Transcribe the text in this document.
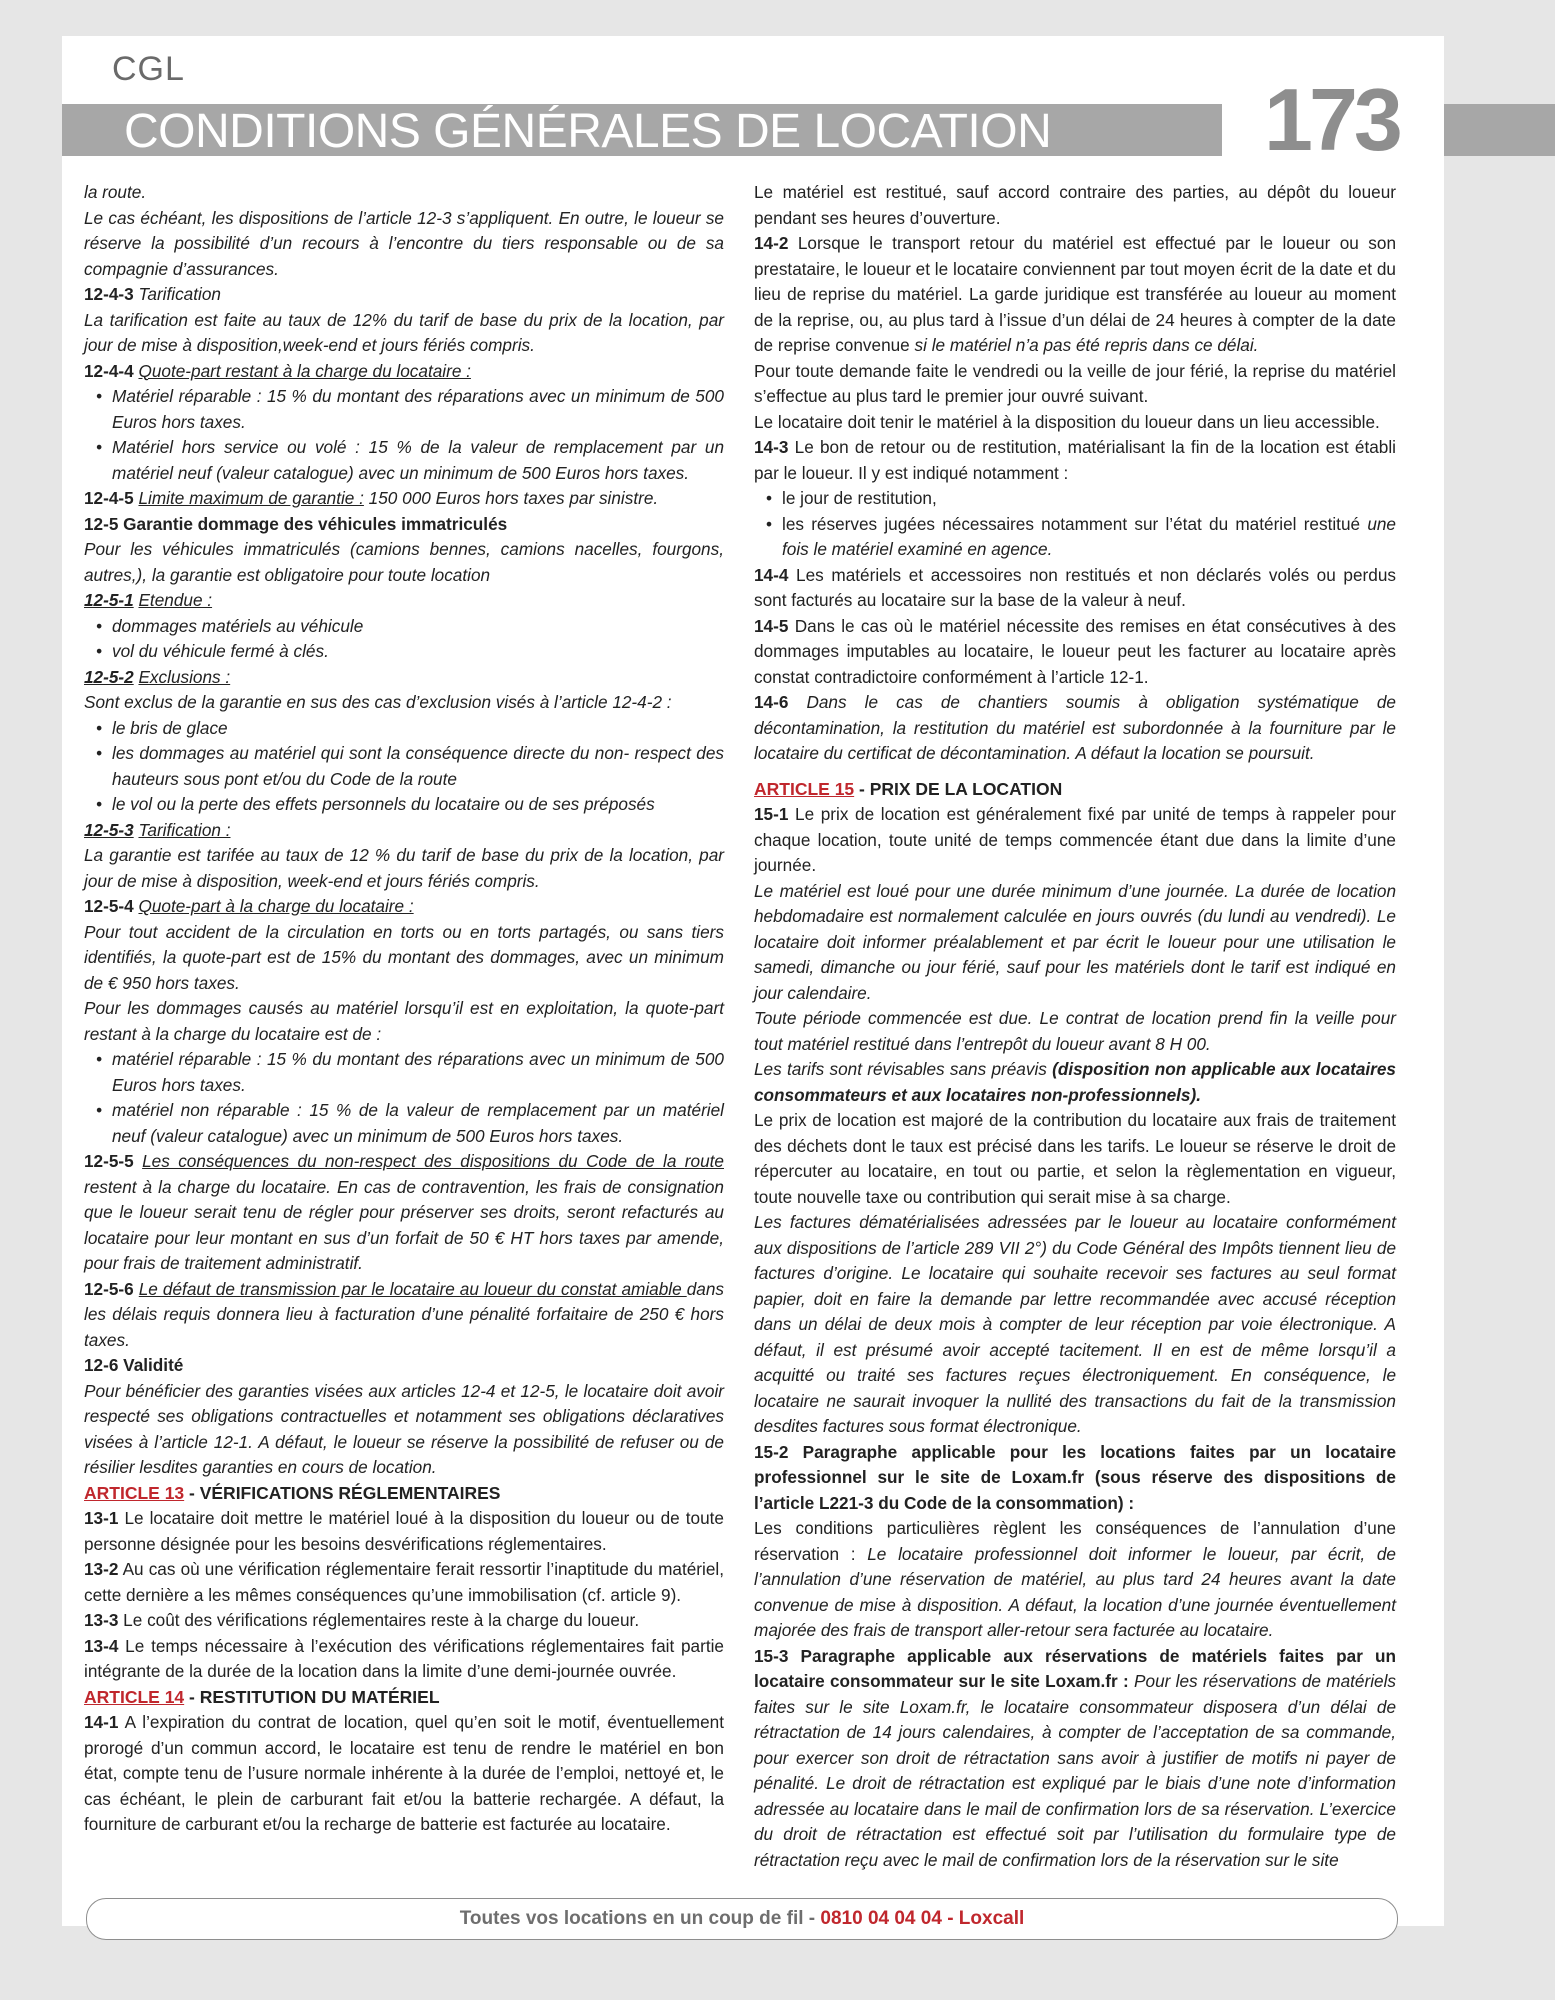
CGL
CONDITIONS GÉNÉRALES DE LOCATION 173

la route.

Le cas échéant, les dispositions de l’article 12-3 s’appliquent. En outre, le loueur se réserve la possibilité d’un recours à l’encontre du tiers responsable ou de sa compagnie d’assurances.

12-4-3 Tarification

La tarification est faite au taux de 12% du tarif de base du prix de la location, par jour de mise à disposition,week-end et jours fériés compris.

12-4-4 Quote-part restant à la charge du locataire :

• Matériel réparable : 15 % du montant des réparations avec un minimum de 500 Euros hors taxes.

• Matériel hors service ou volé : 15 % de la valeur de remplacement par un matériel neuf (valeur catalogue) avec un minimum de 500 Euros hors taxes.

12-4-5 Limite maximum de garantie : 150 000 Euros hors taxes par sinistre.

12-5 Garantie dommage des véhicules immatriculés

Pour les véhicules immatriculés (camions bennes, camions nacelles, fourgons, autres,), la garantie est obligatoire pour toute location

12-5-1 Etendue :

• dommages matériels au véhicule

• vol du véhicule fermé à clés.

12-5-2 Exclusions :

Sont exclus de la garantie en sus des cas d’exclusion visés à l’article 12-4-2 :

• le bris de glace

• les dommages au matériel qui sont la conséquence directe du non- respect des hauteurs sous pont et/ou du Code de la route

• le vol ou la perte des effets personnels du locataire ou de ses préposés

12-5-3 Tarification :

La garantie est tarifée au taux de 12 % du tarif de base du prix de la location, par jour de mise à disposition, week-end et jours fériés compris.

12-5-4 Quote-part à la charge du locataire :

Pour tout accident de la circulation en torts ou en torts partagés, ou sans tiers identifiés, la quote-part est de 15% du montant des dommages, avec un minimum de € 950 hors taxes.

Pour les dommages causés au matériel lorsqu’il est en exploitation, la quote-part restant à la charge du locataire est de :

• matériel réparable : 15 % du montant des réparations avec un minimum de 500 Euros hors taxes.

• matériel non réparable : 15 % de la valeur de remplacement par un matériel neuf (valeur catalogue) avec un minimum de 500 Euros hors taxes.

12-5-5 Les conséquences du non-respect des dispositions du Code de la route restent à la charge du locataire. En cas de contravention, les frais de consignation que le loueur serait tenu de régler pour préserver ses droits, seront refacturés au locataire pour leur montant en sus d’un forfait de 50 € HT hors taxes par amende, pour frais de traitement administratif.

12-5-6 Le défaut de transmission par le locataire au loueur du constat amiable dans les délais requis donnera lieu à facturation d’une pénalité forfaitaire de 250 € hors taxes.

12-6 Validité

Pour bénéficier des garanties visées aux articles 12-4 et 12-5, le locataire doit avoir respecté ses obligations contractuelles et notamment ses obligations déclaratives visées à l’article 12-1. A défaut, le loueur se réserve la possibilité de refuser ou de résilier lesdites garanties en cours de location.

ARTICLE 13 - VÉRIFICATIONS RÉGLEMENTAIRES

13-1 Le locataire doit mettre le matériel loué à la disposition du loueur ou de toute personne désignée pour les besoins desvérifications réglementaires.

13-2 Au cas où une vérification réglementaire ferait ressortir l’inaptitude du matériel, cette dernière a les mêmes conséquences qu’une immobilisation (cf. article 9).

13-3 Le coût des vérifications réglementaires reste à la charge du loueur.

13-4 Le temps nécessaire à l’exécution des vérifications réglementaires fait partie intégrante de la durée de la location dans la limite d’une demi-journée ouvrée.

ARTICLE 14 - RESTITUTION DU MATÉRIEL

14-1 A l’expiration du contrat de location, quel qu’en soit le motif, éventuellement prorogé d’un commun accord, le locataire est tenu de rendre le matériel en bon état, compte tenu de l’usure normale inhérente à la durée de l’emploi, nettoyé et, le cas échéant, le plein de carburant fait et/ou la batterie rechargée. A défaut, la fourniture de carburant et/ou la recharge de batterie est facturée au locataire.

Le matériel est restitué, sauf accord contraire des parties, au dépôt du loueur pendant ses heures d’ouverture.

14-2 Lorsque le transport retour du matériel est effectué par le loueur ou son prestataire, le loueur et le locataire conviennent par tout moyen écrit de la date et du lieu de reprise du matériel. La garde juridique est transférée au loueur au moment de la reprise, ou, au plus tard à l’issue d’un délai de 24 heures à compter de la date de reprise convenue si le matériel n’a pas été repris dans ce délai.

Pour toute demande faite le vendredi ou la veille de jour férié, la reprise du matériel s’effectue au plus tard le premier jour ouvré suivant.

Le locataire doit tenir le matériel à la disposition du loueur dans un lieu accessible.

14-3 Le bon de retour ou de restitution, matérialisant la fin de la location est établi par le loueur. Il y est indiqué notamment :

• le jour de restitution,

• les réserves jugées nécessaires notamment sur l’état du matériel restitué une fois le matériel examiné en agence.

14-4 Les matériels et accessoires non restitués et non déclarés volés ou perdus sont facturés au locataire sur la base de la valeur à neuf.

14-5 Dans le cas où le matériel nécessite des remises en état consécutives à des dommages imputables au locataire, le loueur peut les facturer au locataire après constat contradictoire conformément à l’article 12-1.

14-6 Dans le cas de chantiers soumis à obligation systématique de décontamination, la restitution du matériel est subordonnée à la fourniture par le locataire du certificat de décontamination. A défaut la location se poursuit.

ARTICLE 15 - PRIX DE LA LOCATION

15-1 Le prix de location est généralement fixé par unité de temps à rappeler pour chaque location, toute unité de temps commencée étant due dans la limite d’une journée.

Le matériel est loué pour une durée minimum d’une journée. La durée de location hebdomadaire est normalement calculée en jours ouvrés (du lundi au vendredi). Le locataire doit informer préalablement et par écrit le loueur pour une utilisation le samedi, dimanche ou jour férié, sauf pour les matériels dont le tarif est indiqué en jour calendaire.

Toute période commencée est due. Le contrat de location prend fin la veille pour tout matériel restitué dans l’entrepôt du loueur avant 8 H 00.

Les tarifs sont révisables sans préavis (disposition non applicable aux locataires consommateurs et aux locataires non-professionnels).

Le prix de location est majoré de la contribution du locataire aux frais de traitement des déchets dont le taux est précisé dans les tarifs. Le loueur se réserve le droit de répercuter au locataire, en tout ou partie, et selon la règlementation en vigueur, toute nouvelle taxe ou contribution qui serait mise à sa charge.

Les factures dématérialisées adressées par le loueur au locataire conformément aux dispositions de l’article 289 VII 2°) du Code Général des Impôts tiennent lieu de factures d’origine. Le locataire qui souhaite recevoir ses factures au seul format papier, doit en faire la demande par lettre recommandée avec accusé réception dans un délai de deux mois à compter de leur réception par voie électronique. A défaut, il est présumé avoir accepté tacitement. Il en est de même lorsqu’il a acquitté ou traité ses factures reçues électroniquement. En conséquence, le locataire ne saurait invoquer la nullité des transactions du fait de la transmission desdites factures sous format électronique.

15-2 Paragraphe applicable pour les locations faites par un locataire professionnel sur le site de Loxam.fr (sous réserve des dispositions de l’article L221-3 du Code de la consommation) :

Les conditions particulières règlent les conséquences de l’annulation d’une réservation : Le locataire professionnel doit informer le loueur, par écrit, de l’annulation d’une réservation de matériel, au plus tard 24 heures avant la date convenue de mise à disposition. A défaut, la location d’une journée éventuellement majorée des frais de transport aller-retour sera facturée au locataire.

15-3 Paragraphe applicable aux réservations de matériels faites par un locataire consommateur sur le site Loxam.fr : Pour les réservations de matériels faites sur le site Loxam.fr, le locataire consommateur disposera d’un délai de rétractation de 14 jours calendaires, à compter de l’acceptation de sa commande, pour exercer son droit de rétractation sans avoir à justifier de motifs ni payer de pénalité. Le droit de rétractation est expliqué par le biais d’une note d’information adressée au locataire dans le mail de confirmation lors de sa réservation. L’exercice du droit de rétractation est effectué soit par l’utilisation du formulaire type de rétractation reçu avec le mail de confirmation lors de la réservation sur le site

Toutes vos locations en un coup de fil - 0810 04 04 04 - Loxcall
